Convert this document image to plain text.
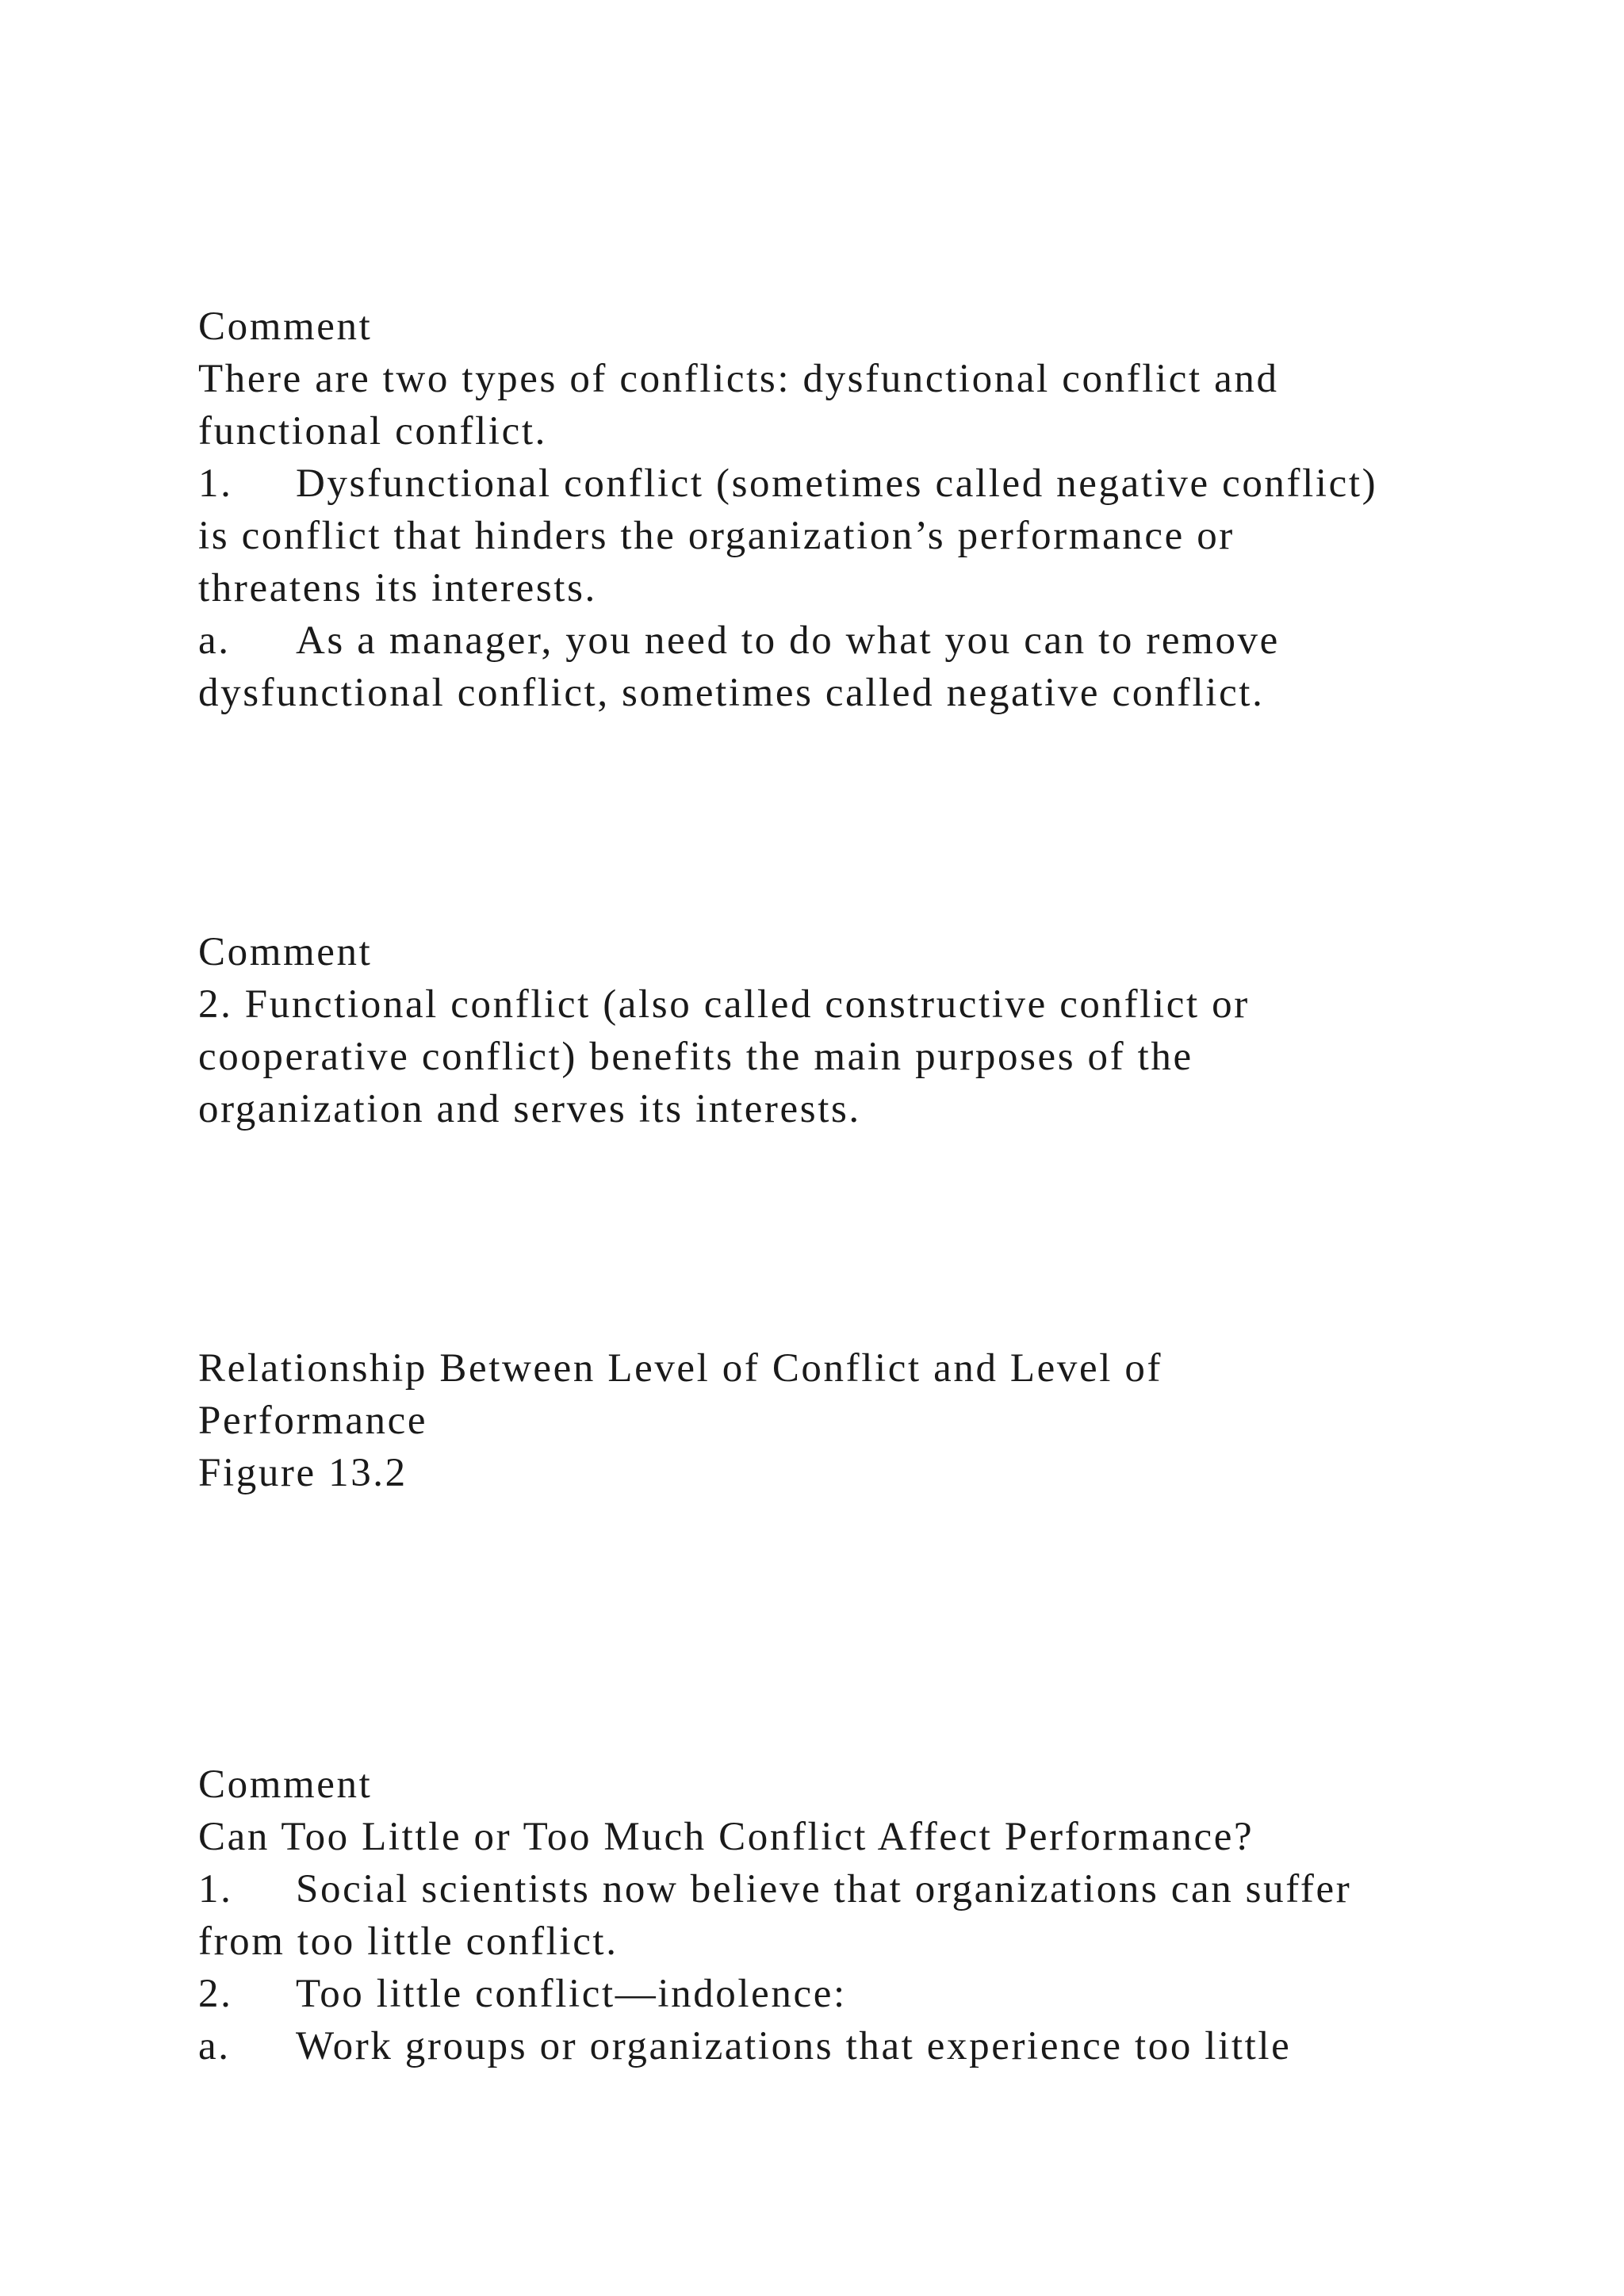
Comment
There are two types of conflicts: dysfunctional conflict and
functional conflict.
1. Dysfunctional conflict (sometimes called negative conflict)
is conflict that hinders the organization’s performance or
threatens its interests.
a. As a manager, you need to do what you can to remove
dysfunctional conflict, sometimes called negative conflict.
Comment
2. Functional conflict (also called constructive conflict or
cooperative conflict) benefits the main purposes of the
organization and serves its interests.
Relationship Between Level of Conflict and Level of
Performance
Figure 13.2
Comment
Can Too Little or Too Much Conflict Affect Performance?
1. Social scientists now believe that organizations can suffer
from too little conflict.
2. Too little conflict—indolence:
a. Work groups or organizations that experience too little
